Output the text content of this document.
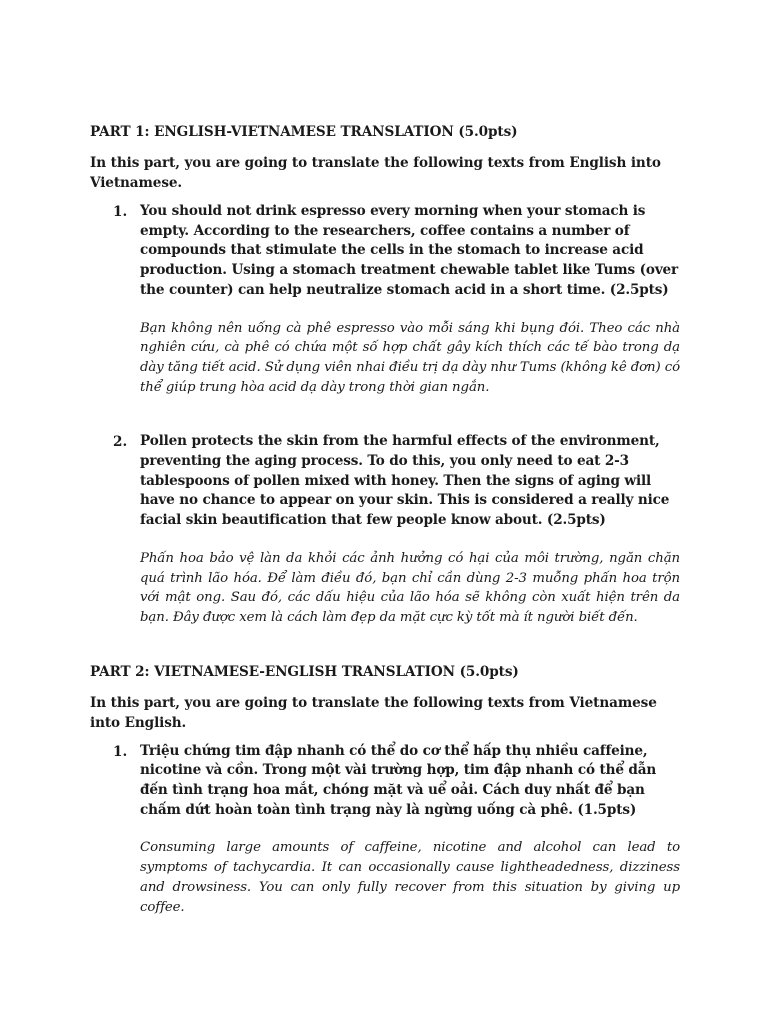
PART 1: ENGLISH-VIETNAMESE TRANSLATION (5.0pts)

In this part, you are going to translate the following texts from English into Vietnamese.

1. You should not drink espresso every morning when your stomach is empty. According to the researchers, coffee contains a number of compounds that stimulate the cells in the stomach to increase acid production. Using a stomach treatment chewable tablet like Tums (over the counter) can help neutralize stomach acid in a short time. (2.5pts)

Bạn không nên uống cà phê espresso vào mỗi sáng khi bụng đói. Theo các nhà nghiên cứu, cà phê có chứa một số hợp chất gây kích thích các tế bào trong dạ dày tăng tiết acid. Sử dụng viên nhai điều trị dạ dày như Tums (không kê đơn) có thể giúp trung hòa acid dạ dày trong thời gian ngắn.

2. Pollen protects the skin from the harmful effects of the environment, preventing the aging process. To do this, you only need to eat 2-3 tablespoons of pollen mixed with honey. Then the signs of aging will have no chance to appear on your skin. This is considered a really nice facial skin beautification that few people know about. (2.5pts)

Phấn hoa bảo vệ làn da khỏi các ảnh hưởng có hại của môi trường, ngăn chặn quá trình lão hóa. Để làm điều đó, bạn chỉ cần dùng 2-3 muỗng phấn hoa trộn với mật ong. Sau đó, các dấu hiệu của lão hóa sẽ không còn xuất hiện trên da bạn. Đây được xem là cách làm đẹp da mặt cực kỳ tốt mà ít người biết đến.

PART 2: VIETNAMESE-ENGLISH TRANSLATION (5.0pts)

In this part, you are going to translate the following texts from Vietnamese into English.

1. Triệu chứng tim đập nhanh có thể do cơ thể hấp thụ nhiều caffeine, nicotine và cồn. Trong một vài trường hợp, tim đập nhanh có thể dẫn đến tình trạng hoa mắt, chóng mặt và uể oải. Cách duy nhất để bạn chấm dứt hoàn toàn tình trạng này là ngừng uống cà phê. (1.5pts)

Consuming large amounts of caffeine, nicotine and alcohol can lead to symptoms of tachycardia. It can occasionally cause lightheadedness, dizziness and drowsiness. You can only fully recover from this situation by giving up coffee.
